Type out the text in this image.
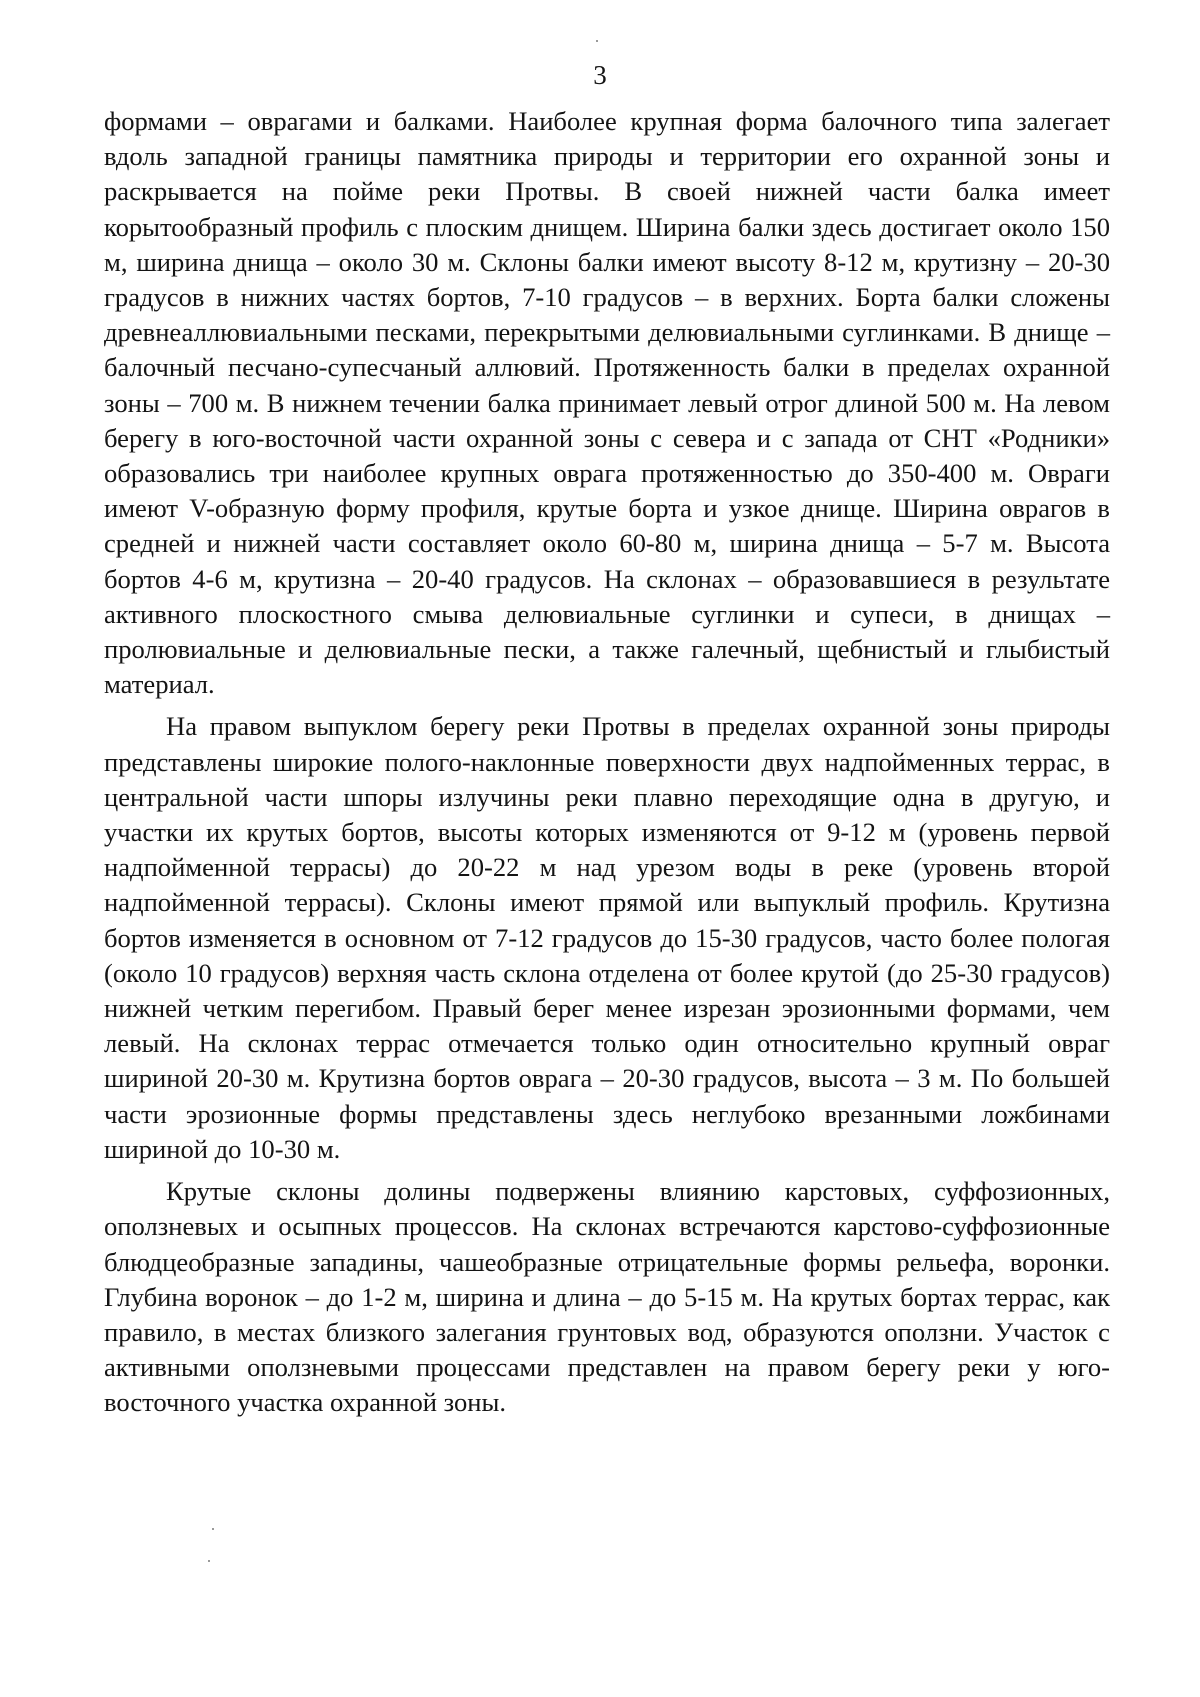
3

формами – оврагами и балками. Наиболее крупная форма балочного типа залегает вдоль западной границы памятника природы и территории его охранной зоны и раскрывается на пойме реки Протвы. В своей нижней части балка имеет корытообразный профиль с плоским днищем. Ширина балки здесь достигает около 150 м, ширина днища – около 30 м. Склоны балки имеют высоту 8-12 м, крутизну – 20-30 градусов в нижних частях бортов, 7-10 градусов – в верхних. Борта балки сложены древнеаллювиальными песками, перекрытыми делювиальными суглинками. В днище – балочный песчано-супесчаный аллювий. Протяженность балки в пределах охранной зоны – 700 м. В нижнем течении балка принимает левый отрог длиной 500 м. На левом берегу в юго-восточной части охранной зоны с севера и с запада от СНТ «Родники» образовались три наиболее крупных оврага протяженностью до 350-400 м. Овраги имеют V-образную форму профиля, крутые борта и узкое днище. Ширина оврагов в средней и нижней части составляет около 60-80 м, ширина днища – 5-7 м. Высота бортов 4-6 м, крутизна – 20-40 градусов. На склонах – образовавшиеся в результате активного плоскостного смыва делювиальные суглинки и супеси, в днищах – пролювиальные и делювиальные пески, а также галечный, щебнистый и глыбистый материал.

На правом выпуклом берегу реки Протвы в пределах охранной зоны природы представлены широкие полого-наклонные поверхности двух надпойменных террас, в центральной части шпоры излучины реки плавно переходящие одна в другую, и участки их крутых бортов, высоты которых изменяются от 9-12 м (уровень первой надпойменной террасы) до 20-22 м над урезом воды в реке (уровень второй надпойменной террасы). Склоны имеют прямой или выпуклый профиль. Крутизна бортов изменяется в основном от 7-12 градусов до 15-30 градусов, часто более пологая (около 10 градусов) верхняя часть склона отделена от более крутой (до 25-30 градусов) нижней четким перегибом. Правый берег менее изрезан эрозионными формами, чем левый. На склонах террас отмечается только один относительно крупный овраг шириной 20-30 м. Крутизна бортов оврага – 20-30 градусов, высота – 3 м. По большей части эрозионные формы представлены здесь неглубоко врезанными ложбинами шириной до 10-30 м.

Крутые склоны долины подвержены влиянию карстовых, суффозионных, оползневых и осыпных процессов. На склонах встречаются карстово-суффозионные блюдцеобразные западины, чашеобразные отрицательные формы рельефа, воронки. Глубина воронок – до 1-2 м, ширина и длина – до 5-15 м. На крутых бортах террас, как правило, в местах близкого залегания грунтовых вод, образуются оползни. Участок с активными оползневыми процессами представлен на правом берегу реки у юго-восточного участка охранной зоны.
